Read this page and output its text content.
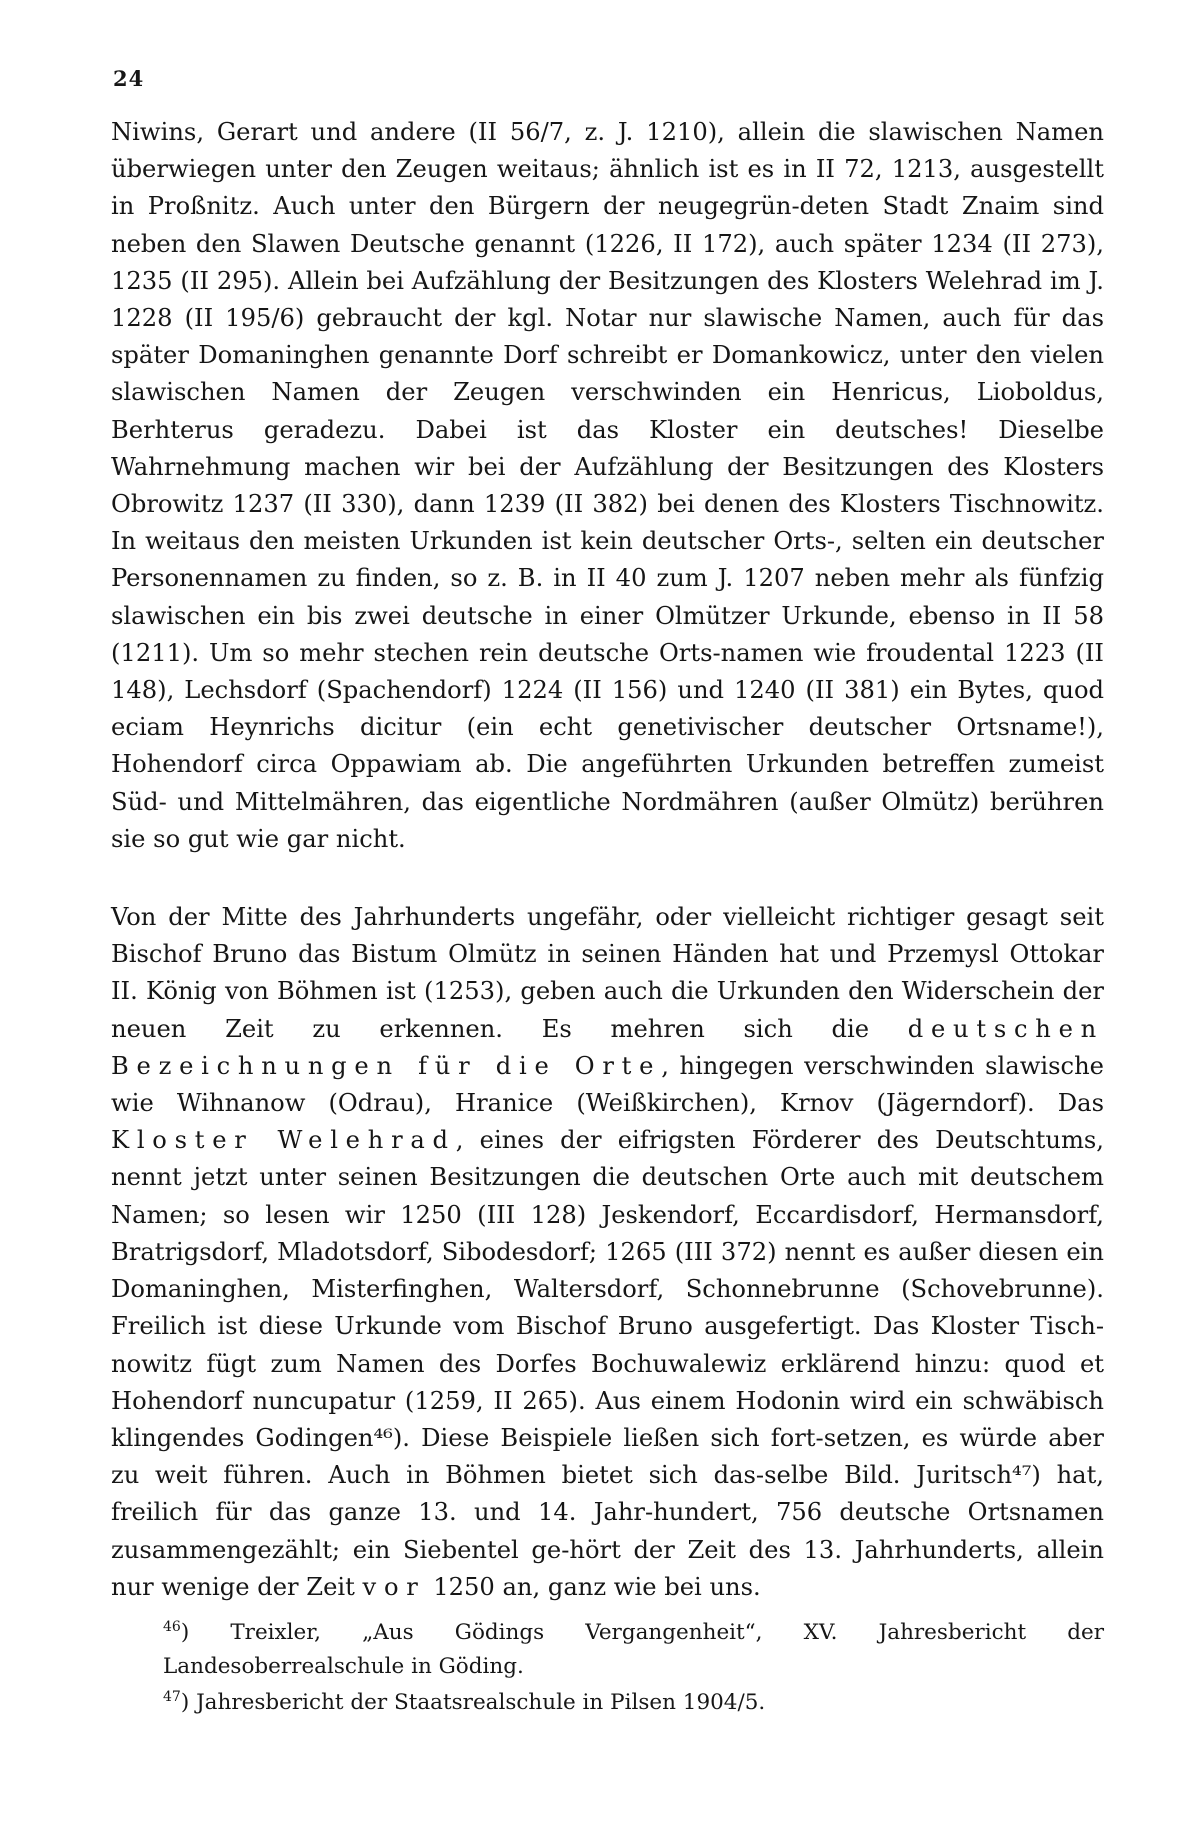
24

Niwins, Gerart und andere (II 56/7, z. J. 1210), allein die slawischen Namen überwiegen unter den Zeugen weitaus; ähnlich ist es in II 72, 1213, ausgestellt in Proßnitz. Auch unter den Bürgern der neugegrün-deten Stadt Znaim sind neben den Slawen Deutsche genannt (1226, II 172), auch später 1234 (II 273), 1235 (II 295). Allein bei Aufzählung der Besitzungen des Klosters Welehrad im J. 1228 (II 195/6) gebraucht der kgl. Notar nur slawische Namen, auch für das später Domaninghen genannte Dorf schreibt er Domankowicz, unter den vielen slawischen Namen der Zeugen verschwinden ein Henricus, Lioboldus, Berhterus geradezu. Dabei ist das Kloster ein deutsches! Dieselbe Wahrnehmung machen wir bei der Aufzählung der Besitzungen des Klosters Obrowitz 1237 (II 330), dann 1239 (II 382) bei denen des Klosters Tischnowitz. In weitaus den meisten Urkunden ist kein deutscher Orts-, selten ein deutscher Personennamen zu finden, so z. B. in II 40 zum J. 1207 neben mehr als fünfzig slawischen ein bis zwei deutsche in einer Olmützer Urkunde, ebenso in II 58 (1211). Um so mehr stechen rein deutsche Orts-namen wie froudental 1223 (II 148), Lechsdorf (Spachendorf) 1224 (II 156) und 1240 (II 381) ein Bytes, quod eciam Heynrichs dicitur (ein echt genetivischer deutscher Ortsname!), Hohendorf circa Oppawiam ab. Die angeführten Urkunden betreffen zumeist Süd- und Mittelmähren, das eigentliche Nordmähren (außer Olmütz) berühren sie so gut wie gar nicht.

Von der Mitte des Jahrhunderts ungefähr, oder vielleicht richtiger gesagt seit Bischof Bruno das Bistum Olmütz in seinen Händen hat und Przemysl Ottokar II. König von Böhmen ist (1253), geben auch die Urkunden den Widerschein der neuen Zeit zu erkennen. Es mehren sich die deutschen Bezeichnungen für die Orte, hingegen verschwinden slawische wie Wihnanow (Odrau), Hranice (Weißkirchen), Krnov (Jägerndorf). Das Kloster Welehrad, eines der eifrigsten Förderer des Deutschtums, nennt jetzt unter seinen Besitzungen die deutschen Orte auch mit deutschem Namen; so lesen wir 1250 (III 128) Jeskendorf, Eccardisdorf, Hermansdorf, Bratrigsdorf, Mladotsdorf, Sibodesdorf; 1265 (III 372) nennt es außer diesen ein Domaninghen, Misterfinghen, Waltersdorf, Schonnebrunne (Schovebrunne). Freilich ist diese Urkunde vom Bischof Bruno ausgefertigt. Das Kloster Tisch-nowitz fügt zum Namen des Dorfes Bochuwalewiz erklärend hinzu: quod et Hohendorf nuncupatur (1259, II 265). Aus einem Hodonin wird ein schwäbisch klingendes Godingen⁴⁶). Diese Beispiele ließen sich fort-setzen, es würde aber zu weit führen. Auch in Böhmen bietet sich das-selbe Bild. Juritsch⁴⁷) hat, freilich für das ganze 13. und 14. Jahr-hundert, 756 deutsche Ortsnamen zusammengezählt; ein Siebentel ge-hört der Zeit des 13. Jahrhunderts, allein nur wenige der Zeit vor 1250 an, ganz wie bei uns.

$^{46}$) Treixler, „Aus Gödings Vergangenheit“, XV. Jahresbericht der Landesoberrealschule in Göding.

$^{47}$) Jahresbericht der Staatsrealschule in Pilsen 1904/5.
